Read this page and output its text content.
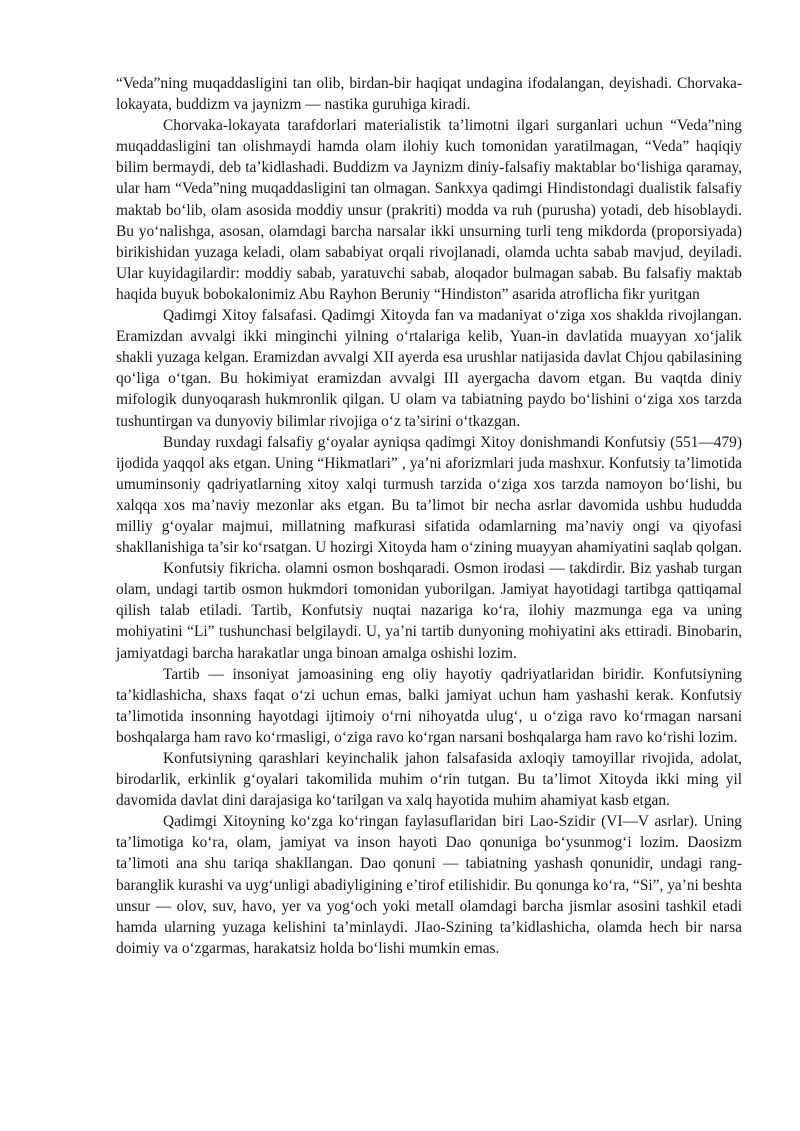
“Veda”ning muqaddasligini tan olib, birdan-bir haqiqat undagina ifodalangan, deyishadi. Chorvaka-lokayata, buddizm va jaynizm — nastika guruhiga kiradi.

Chorvaka-lokayata tarafdorlari materialistik ta’limotni ilgari surganlari uchun “Veda”ning muqaddasligini tan olishmaydi hamda olam ilohiy kuch tomonidan yaratilmagan, “Veda” haqiqiy bilim bermaydi, deb ta’kidlashadi. Buddizm va Jaynizm diniy-falsafiy maktablar bo‘lishiga qaramay, ular ham “Veda”ning muqaddasligini tan olmagan. Sankxya qadimgi Hindistondagi dualistik falsafiy maktab bo‘lib, olam asosida moddiy unsur (prakriti) modda va ruh (purusha) yotadi, deb hisoblaydi. Bu yo‘nalishga, asosan, olamdagi barcha narsalar ikki unsurning turli teng mikdorda (proporsiyada) birikishidan yuzaga keladi, olam sababiyat orqali rivojlanadi, olamda uchta sabab mavjud, deyiladi. Ular kuyidagilardir: moddiy sabab, yaratuvchi sabab, aloqador bulmagan sabab. Bu falsafiy maktab haqida buyuk bobokalonimiz Abu Rayhon Beruniy “Hindiston” asarida atroflicha fikr yuritgan

Qadimgi Xitoy falsafasi. Qadimgi Xitoyda fan va madaniyat o‘ziga xos shaklda rivojlangan. Eramizdan avvalgi ikki minginchi yilning o‘rtalariga kelib, Yuan-in davlatida muayyan xo‘jalik shakli yuzaga kelgan. Eramizdan avvalgi XII ayerda esa urushlar natijasida davlat Chjou qabilasining qo‘liga o‘tgan. Bu hokimiyat eramizdan avvalgi III ayergacha davom etgan. Bu vaqtda diniy mifologik dunyoqarash hukmronlik qilgan. U olam va tabiatning paydo bo‘lishini o‘ziga xos tarzda tushuntirgan va dunyoviy bilimlar rivojiga o‘z ta’sirini o‘tkazgan.

Bunday ruxdagi falsafiy g‘oyalar ayniqsa qadimgi Xitoy donishmandi Konfutsiy (551—479) ijodida yaqqol aks etgan. Uning “Hikmatlari” , ya’ni aforizmlari juda mashxur. Konfutsiy ta’limotida umuminsoniy qadriyatlarning xitoy xalqi turmush tarzida o‘ziga xos tarzda namoyon bo‘lishi, bu xalqqa xos ma’naviy mezonlar aks etgan. Bu ta’limot bir necha asrlar davomida ushbu hududda milliy g‘oyalar majmui, millatning mafkurasi sifatida odamlarning ma’naviy ongi va qiyofasi shakllanishiga ta’sir ko‘rsatgan. U hozirgi Xitoyda ham o‘zining muayyan ahamiyatini saqlab qolgan.

Konfutsiy fikricha. olamni osmon boshqaradi. Osmon irodasi — takdirdir. Biz yashab turgan olam, undagi tartib osmon hukmdori tomonidan yuborilgan. Jamiyat hayotidagi tartibga qattiqamal qilish talab etiladi. Tartib, Konfutsiy nuqtai nazariga ko‘ra, ilohiy mazmunga ega va uning mohiyatini “Li” tushunchasi belgilaydi. U, ya’ni tartib dunyoning mohiyatini aks ettiradi. Binobarin, jamiyatdagi barcha harakatlar unga binoan amalga oshishi lozim.

Tartib — insoniyat jamoasining eng oliy hayotiy qadriyatlaridan biridir. Konfutsiyning ta’kidlashicha, shaxs faqat o‘zi uchun emas, balki jamiyat uchun ham yashashi kerak. Konfutsiy ta’limotida insonning hayotdagi ijtimoiy o‘rni nihoyatda ulug‘, u o‘ziga ravo ko‘rmagan narsani boshqalarga ham ravo ko‘rmasligi, o‘ziga ravo ko‘rgan narsani boshqalarga ham ravo ko‘rishi lozim.

Konfutsiyning qarashlari keyinchalik jahon falsafasida axloqiy tamoyillar rivojida, adolat, birodarlik, erkinlik g‘oyalari takomilida muhim o‘rin tutgan. Bu ta’limot Xitoyda ikki ming yil davomida davlat dini darajasiga ko‘tarilgan va xalq hayotida muhim ahamiyat kasb etgan.

Qadimgi Xitoyning ko‘zga ko‘ringan faylasuflaridan biri Lao-Szidir (VI—V asrlar). Uning ta’limotiga ko‘ra, olam, jamiyat va inson hayoti Dao qonuniga bo‘ysunmog‘i lozim. Daosizm ta’limoti ana shu tariqa shakllangan. Dao qonuni — tabiatning yashash qonunidir, undagi rang-baranglik kurashi va uyg‘unligi abadiyligining e’tirof etilishidir. Bu qonunga ko‘ra, “Si”, ya’ni beshta unsur — olov, suv, havo, yer va yog‘och yoki metall olamdagi barcha jismlar asosini tashkil etadi hamda ularning yuzaga kelishini ta’minlaydi. JIao-Szining ta’kidlashicha, olamda hech bir narsa doimiy va o‘zgarmas, harakatsiz holda bo‘lishi mumkin emas.
